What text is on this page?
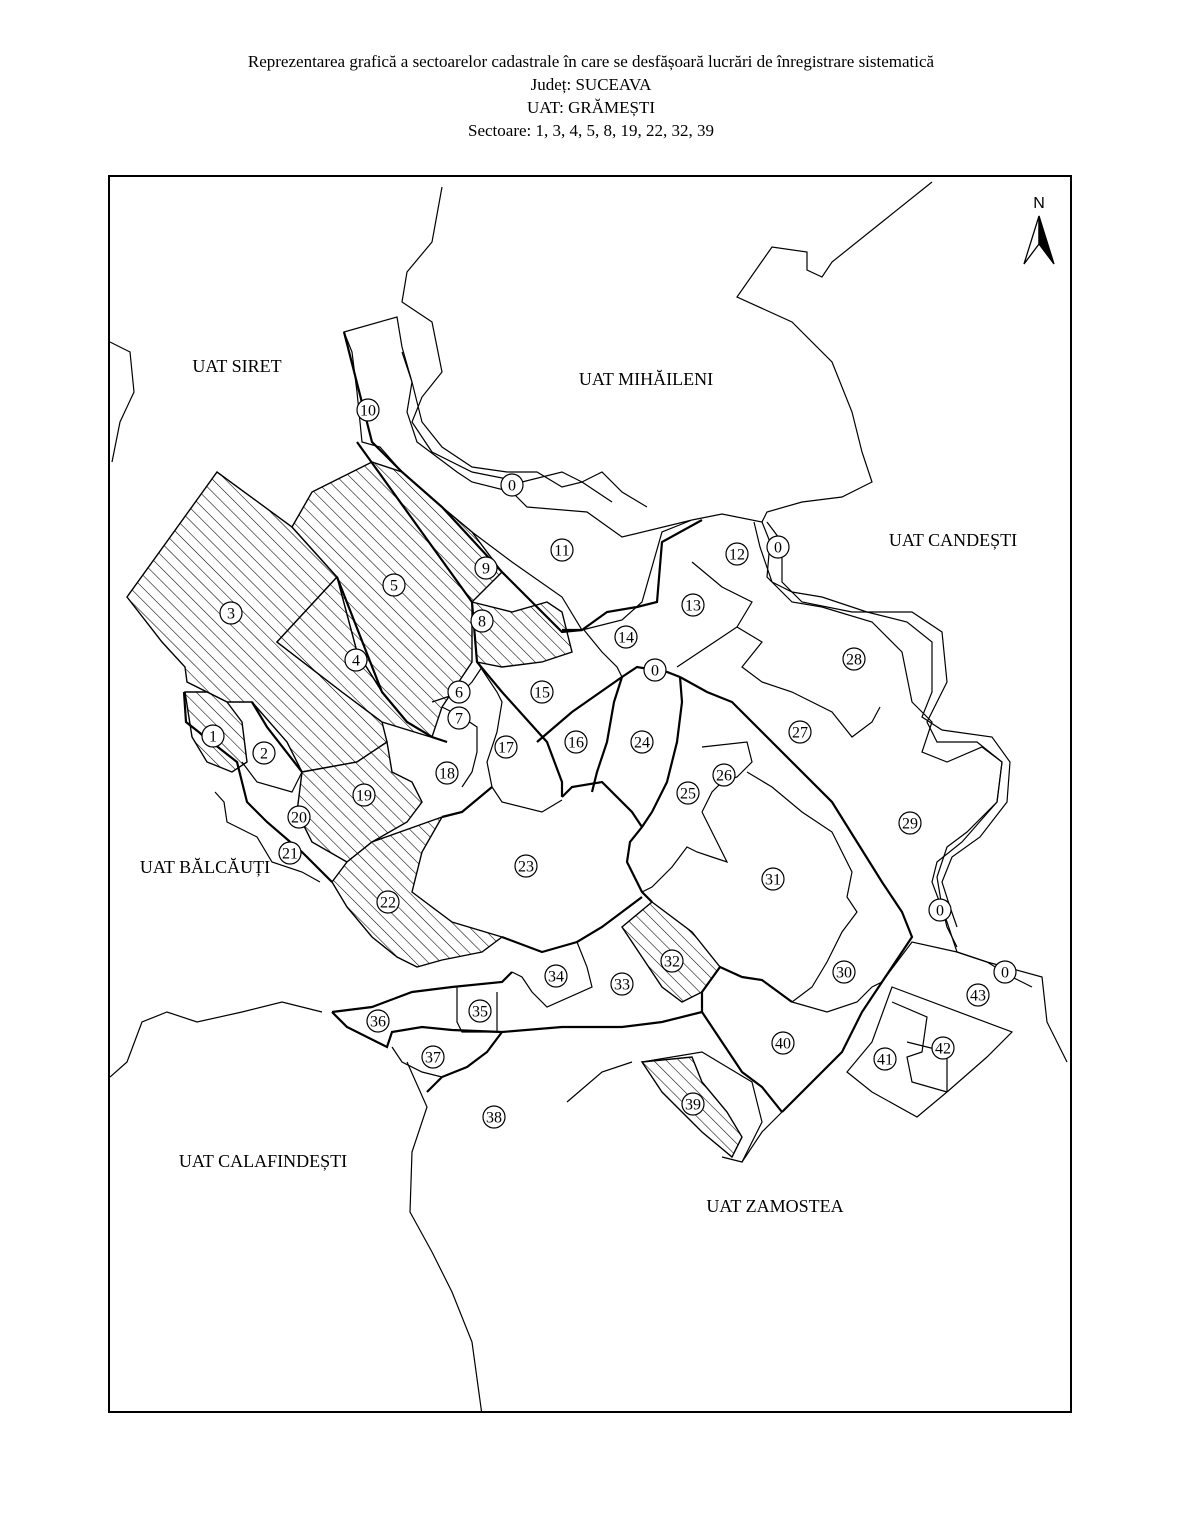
Reprezentarea grafică a sectoarelor cadastrale în care se desfășoară lucrări de înregistrare sistematică
Județ: SUCEAVA
UAT: GRĂMEȘTI
Sectoare: 1, 3, 4, 5, 8, 19, 22, 32, 39
UAT SIRET
UAT MIHĂILENI
UAT CANDEȘTI
UAT BĂLCĂUȚI
UAT CALAFINDEȘTI
UAT ZAMOSTEA
0
0
0
0
0
1
2
3
4
5
6
7
8
9
10
11	12
13
14
15
16
17
18
19
20
21
22
23
24
25
26
27
28
29
30
31
32
33
34
35
36
37
38
39
40
41
42
43
N
